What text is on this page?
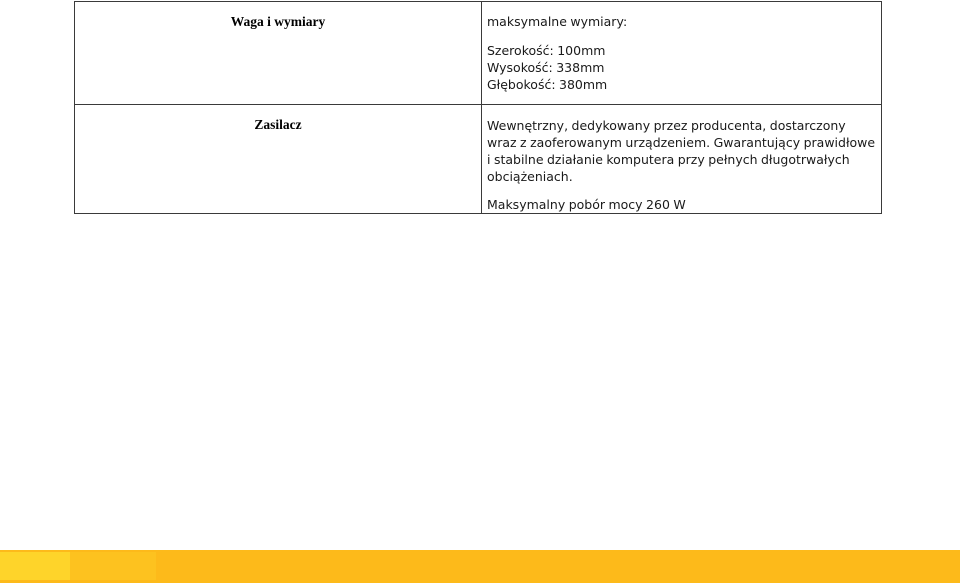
Waga i wymiary	maksymalne wymiary:
Szerokość: 100mm
Wysokość: 338mm
Głębokość: 380mm

Zasilacz	Wewnętrzny, dedykowany przez producenta, dostarczony wraz z zaoferowanym urządzeniem. Gwarantujący prawidłowe i stabilne działanie komputera przy pełnych długotrwałych obciążeniach.
Maksymalny pobór mocy 260 W
